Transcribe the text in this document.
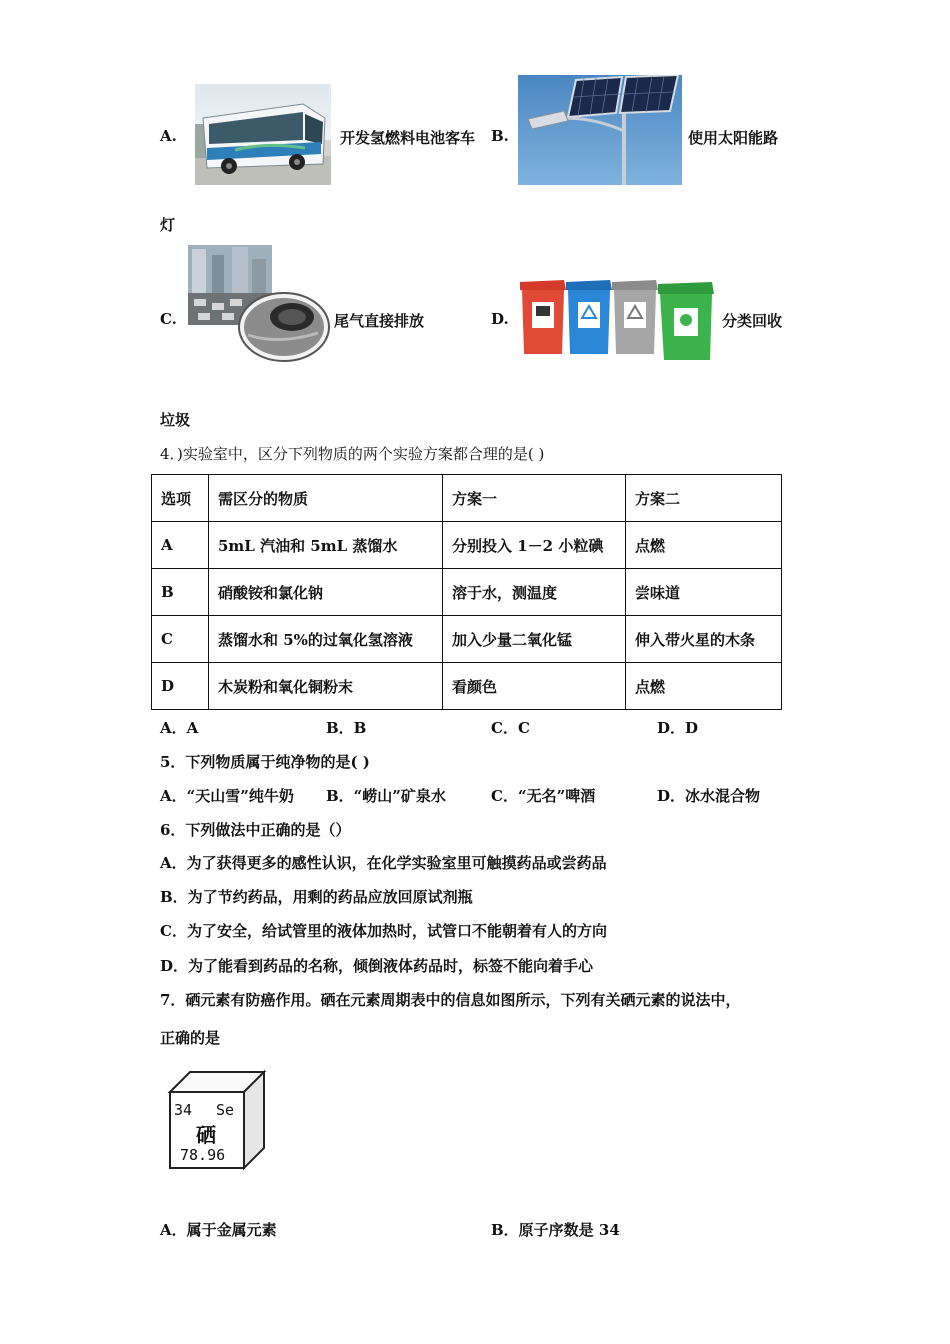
A.	开发氢燃料电池客车 B.	使用太阳能路
灯
C.	尾气直接排放	D.	分类回收
垃圾
4．)实验室中，区分下列物质的两个实验方案都合理的是( )
选项	需区分的物质	方案一	方案二
A	5mL 汽油和 5mL 蒸馏水	分别投入 1－2 小粒碘	点燃
B	硝酸铵和氯化钠	溶于水，测温度	尝味道
C	蒸馏水和 5%的过氧化氢溶液	加入少量二氧化锰	伸入带火星的木条
D	木炭粉和氧化铜粉末	看颜色	点燃
A．A	B．B	C．C	D．D
5．下列物质属于纯净物的是( )
A．“天山雪”纯牛奶 B．“崂山”矿泉水	C．“无名”啤酒	D．冰水混合物
6．下列做法中正确的是（）
A．为了获得更多的感性认识，在化学实验室里可触摸药品或尝药品
B．为了节约药品，用剩的药品应放回原试剂瓶
C．为了安全，给试管里的液体加热时，试管口不能朝着有人的方向
D．为了能看到药品的名称，倾倒液体药品时，标签不能向着手心
7．硒元素有防癌作用。硒在元素周期表中的信息如图所示，下列有关硒元素的说法中，
正确的是
34 Se
硒
78.96
A．属于金属元素	B．原子序数是 34
